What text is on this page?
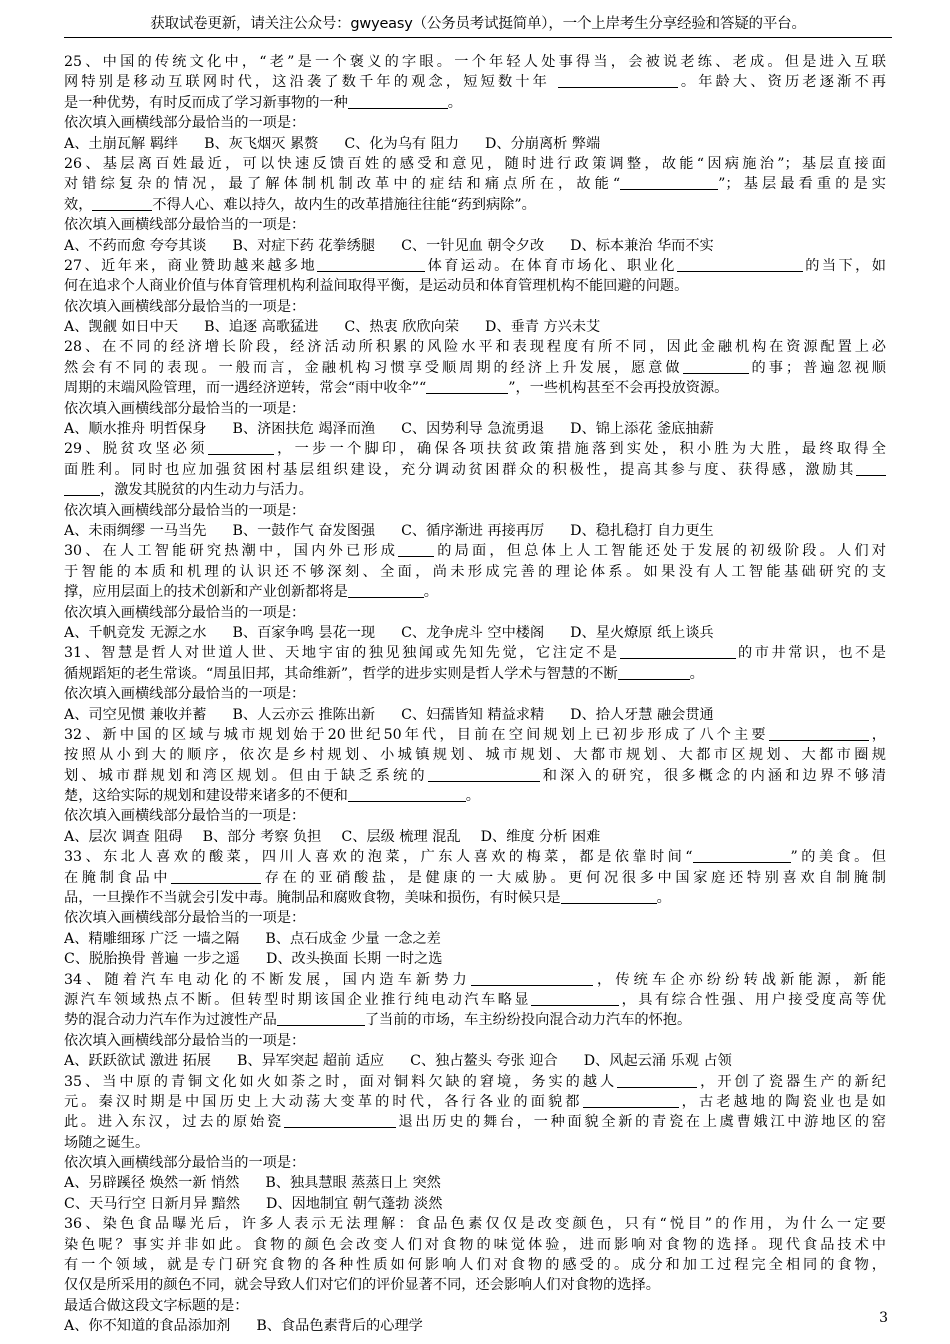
获取试卷更新，请关注公众号：gwyeasy（公务员考试挺简单），一个上岸考生分享经验和答疑的平台。
25、中国的传统文化中，“老”是一个褒义的字眼。一个年轻人处事得当，会被说老练、老成。但是进入互联
网特别是移动互联网时代，这沿袭了数千年的观念，短短数十年	。年龄大、资历老逐渐不再
是一种优势，有时反而成了学习新事物的一种	。
依次填入画横线部分最恰当的一项是：
A、土崩瓦解 羁绊 B、灰飞烟灭 累赘 C、化为乌有 阻力 D、分崩离析 弊端
26、基层离百姓最近，可以快速反馈百姓的感受和意见，随时进行政策调整，故能“因病施治”；基层直接面
对错综复杂的情况，最了解体制机制改革中的症结和痛点所在，故能“	”；基层最看重的是实
效，	不得人心、难以持久，故内生的改革措施往往能“药到病除”。
依次填入画横线部分最恰当的一项是：
A、不药而愈 夸夸其谈 B、对症下药 花拳绣腿 C、一针见血 朝令夕改 D、标本兼治 华而不实
27、近年来，商业赞助越来越多地	体育运动。在体育市场化、职业化	的当下，如
何在追求个人商业价值与体育管理机构利益间取得平衡，是运动员和体育管理机构不能回避的问题。
依次填入画横线部分最恰当的一项是：
A、觊觎 如日中天 B、追逐 高歌猛进 C、热衷 欣欣向荣 D、垂青 方兴未艾
28、在不同的经济增长阶段，经济活动所积累的风险水平和表现程度有所不同，因此金融机构在资源配置上必
然会有不同的表现。一般而言，金融机构习惯享受顺周期的经济上升发展，愿意做	的事；普遍忽视顺
周期的末端风险管理，而一遇经济逆转，常会“雨中收伞”“	”，一些机构甚至不会再投放资源。
依次填入画横线部分最恰当的一项是：
A、顺水推舟 明哲保身 B、济困扶危 竭泽而渔 C、因势利导 急流勇退 D、锦上添花 釜底抽薪
29、脱贫攻坚必须	，一步一个脚印，确保各项扶贫政策措施落到实处，积小胜为大胜，最终取得全
面胜利。同时也应加强贫困村基层组织建设，充分调动贫困群众的积极性，提高其参与度、获得感，激励其
，激发其脱贫的内生动力与活力。
依次填入画横线部分最恰当的一项是：
A、未雨绸缪 一马当先 B、一鼓作气 奋发图强 C、循序渐进 再接再厉 D、稳扎稳打 自力更生
30、在人工智能研究热潮中，国内外已形成	的局面，但总体上人工智能还处于发展的初级阶段。人们对
于智能的本质和机理的认识还不够深刻、全面，尚未形成完善的理论体系。如果没有人工智能基础研究的支
撑，应用层面上的技术创新和产业创新都将是	。
依次填入画横线部分最恰当的一项是：
A、千帆竞发 无源之水 B、百家争鸣 昙花一现 C、龙争虎斗 空中楼阁 D、星火燎原 纸上谈兵
31、智慧是哲人对世道人世、天地宇宙的独见独闻或先知先觉，它注定不是	的市井常识，也不是
循规蹈矩的老生常谈。“周虽旧邦，其命维新”，哲学的进步实则是哲人学术与智慧的不断	。
依次填入画横线部分最恰当的一项是：
A、司空见惯 兼收并蓄 B、人云亦云 推陈出新 C、妇孺皆知 精益求精 D、拾人牙慧 融会贯通
32、新中国的区域与城市规划始于20世纪50年代，目前在空间规划上已初步形成了八个主要	，
按照从小到大的顺序，依次是乡村规划、小城镇规划、城市规划、大都市规划、大都市区规划、大都市圈规
划、城市群规划和湾区规划。但由于缺乏系统的	和深入的研究，很多概念的内涵和边界不够清
楚，这给实际的规划和建设带来诸多的不便和	。
依次填入画横线部分最恰当的一项是：
A、层次 调查 阻碍 B、部分 考察 负担 C、层级 梳理 混乱 D、维度 分析 困难
33、东北人喜欢的酸菜，四川人喜欢的泡菜，广东人喜欢的梅菜，都是依靠时间“	”的美食。但
在腌制食品中	存在的亚硝酸盐，是健康的一大威胁。更何况很多中国家庭还特别喜欢自制腌制
品，一旦操作不当就会引发中毒。腌制品和腐败食物，美味和损伤，有时候只是	。
依次填入画横线部分最恰当的一项是：
A、精雕细琢 广泛 一墙之隔 B、点石成金 少量 一念之差
C、脱胎换骨 普遍 一步之遥 D、改头换面 长期 一时之选
34、随着汽车电动化的不断发展，国内造车新势力	，传统车企亦纷纷转战新能源，新能
源汽车领域热点不断。但转型时期该国企业推行纯电动汽车略显	，具有综合性强、用户接受度高等优
势的混合动力汽车作为过渡性产品	了当前的市场，车主纷纷投向混合动力汽车的怀抱。
依次填入画横线部分最恰当的一项是：
A、跃跃欲试 激进 拓展 B、异军突起 超前 适应 C、独占鳌头 夸张 迎合 D、风起云涌 乐观 占领
35、当中原的青铜文化如火如荼之时，面对铜料欠缺的窘境，务实的越人	，开创了瓷器生产的新纪
元。秦汉时期是中国历史上大动荡大变革的时代，各行各业的面貌都	，古老越地的陶瓷业也是如
此。进入东汉，过去的原始瓷	退出历史的舞台，一种面貌全新的青瓷在上虞曹娥江中游地区的窑
场随之诞生。
依次填入画横线部分最恰当的一项是：
A、另辟蹊径 焕然一新 悄然 B、独具慧眼 蒸蒸日上 突然
C、天马行空 日新月异 黯然 D、因地制宜 朝气蓬勃 淡然
36、染色食品曝光后，许多人表示无法理解：食品色素仅仅是改变颜色，只有“悦目”的作用，为什么一定要
染色呢？事实并非如此。食物的颜色会改变人们对食物的味觉体验，进而影响对食物的选择。现代食品技术中
有一个领域，就是专门研究食物的各种性质如何影响人们对食物的感受的。成分和加工过程完全相同的食物，
仅仅是所采用的颜色不同，就会导致人们对它们的评价显著不同，还会影响人们对食物的选择。
最适合做这段文字标题的是：
A、你不知道的食品添加剂 B、食品色素背后的心理学
3
